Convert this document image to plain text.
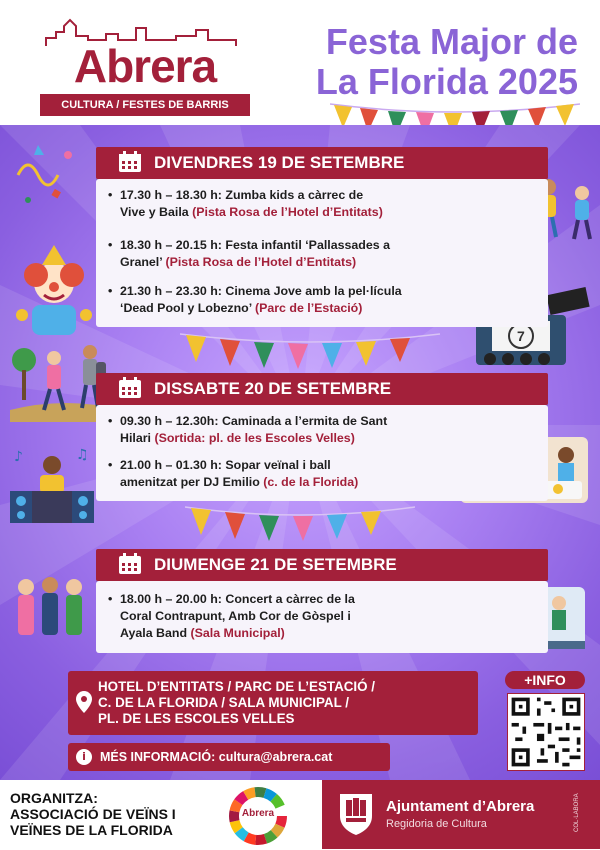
Abrera
CULTURA / FESTES DE BARRIS
Festa Major de
La Florida 2025
7
♪	♫
DIVENDRES 19 DE SETEMBRE
• 17.30 h – 18.30 h: Zumba kids a càrrec de
Vive y Baila (Pista Rosa de l’Hotel d’Entitats)
• 18.30 h – 20.15 h: Festa infantil ‘Pallassades a
Granel’ (Pista Rosa de l’Hotel d’Entitats)
• 21.30 h – 23.30 h: Cinema Jove amb la pel·lícula
‘Dead Pool y Lobezno’ (Parc de l’Estació)
DISSABTE 20 DE SETEMBRE
• 09.30 h – 12.30h: Caminada a l’ermita de Sant
Hilari (Sortida: pl. de les Escoles Velles)
• 21.00 h – 01.30 h: Sopar veïnal i ball
amenitzat per DJ Emilio (c. de la Florida)
DIUMENGE 21 DE SETEMBRE
• 18.00 h – 20.00 h: Concert a càrrec de la
Coral Contrapunt, Amb Cor de Gòspel i
Ayala Band (Sala Municipal)
HOTEL D’ENTITATS / PARC DE L’ESTACIÓ /
C. DE LA FLORIDA / SALA MUNICIPAL /
PL. DE LES ESCOLES VELLES
i	MÉS INFORMACIÓ: cultura@abrera.cat
+INFO
ORGANITZA:
ASSOCIACIÓ DE VEÏNS I VEÏNES DE LA FLORIDA
Abrera	Ajuntament d’Abrera
Regidoria de Cultura	COL·LABORA
